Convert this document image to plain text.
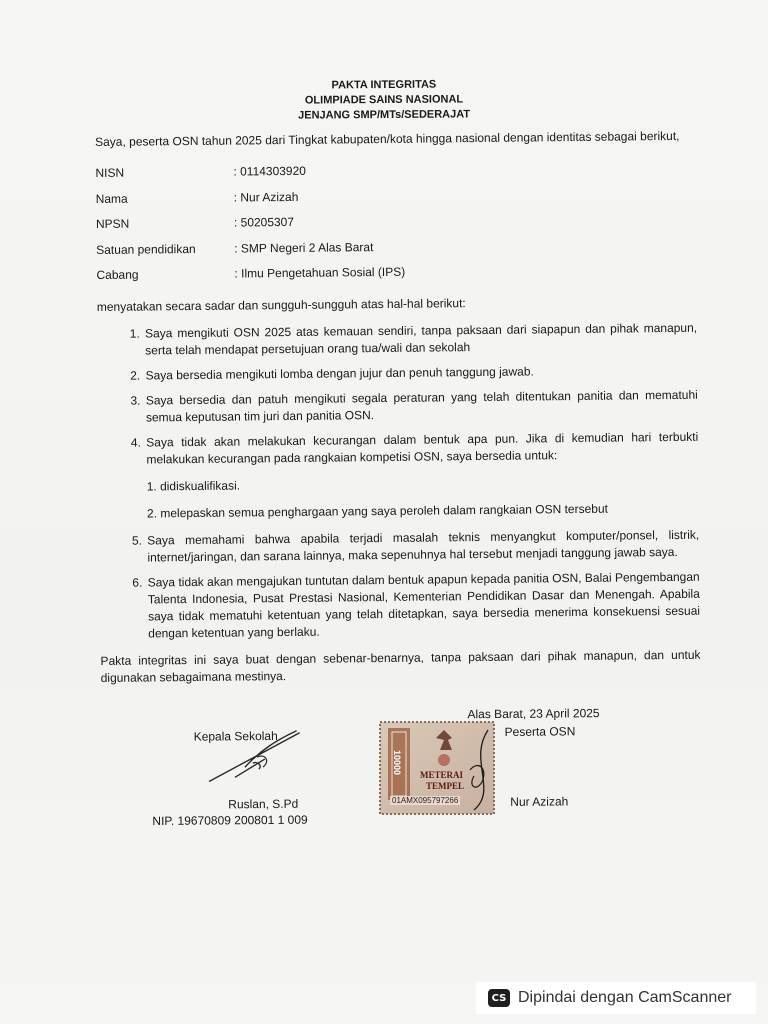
PAKTA INTEGRITAS
OLIMPIADE SAINS NASIONAL
JENJANG SMP/MTs/SEDERAJAT

Saya, peserta OSN tahun 2025 dari Tingkat kabupaten/kota hingga nasional dengan identitas sebagai berikut,

NISN	: 0114303920
Nama	: Nur Azizah
NPSN	: 50205307
Satuan pendidikan	: SMP Negeri 2 Alas Barat
Cabang	: Ilmu Pengetahuan Sosial (IPS)

menyatakan secara sadar dan sungguh-sungguh atas hal-hal berikut:

1. Saya mengikuti OSN 2025 atas kemauan sendiri, tanpa paksaan dari siapapun dan pihak manapun, serta telah mendapat persetujuan orang tua/wali dan sekolah
2. Saya bersedia mengikuti lomba dengan jujur dan penuh tanggung jawab.
3. Saya bersedia dan patuh mengikuti segala peraturan yang telah ditentukan panitia dan mematuhi semua keputusan tim juri dan panitia OSN.
4. Saya tidak akan melakukan kecurangan dalam bentuk apa pun. Jika di kemudian hari terbukti melakukan kecurangan pada rangkaian kompetisi OSN, saya bersedia untuk:
1. didiskualifikasi.
2. melepaskan semua penghargaan yang saya peroleh dalam rangkaian OSN tersebut
5. Saya memahami bahwa apabila terjadi masalah teknis menyangkut komputer/ponsel, listrik, internet/jaringan, dan sarana lainnya, maka sepenuhnya hal tersebut menjadi tanggung jawab saya.
6. Saya tidak akan mengajukan tuntutan dalam bentuk apapun kepada panitia OSN, Balai Pengembangan Talenta Indonesia, Pusat Prestasi Nasional, Kementerian Pendidikan Dasar dan Menengah. Apabila saya tidak mematuhi ketentuan yang telah ditetapkan, saya bersedia menerima konsekuensi sesuai dengan ketentuan yang berlaku.

Pakta integritas ini saya buat dengan sebenar-benarnya, tanpa paksaan dari pihak manapun, dan untuk digunakan sebagaimana mestinya.

Alas Barat, 23 April 2025
Kepala Sekolah	Peserta OSN
Ruslan, S.Pd
NIP. 19670809 200801 1 009
Nur Azizah
10000 METERAI
TEMPEL
01AMX095797266
CS Dipindai dengan CamScanner
